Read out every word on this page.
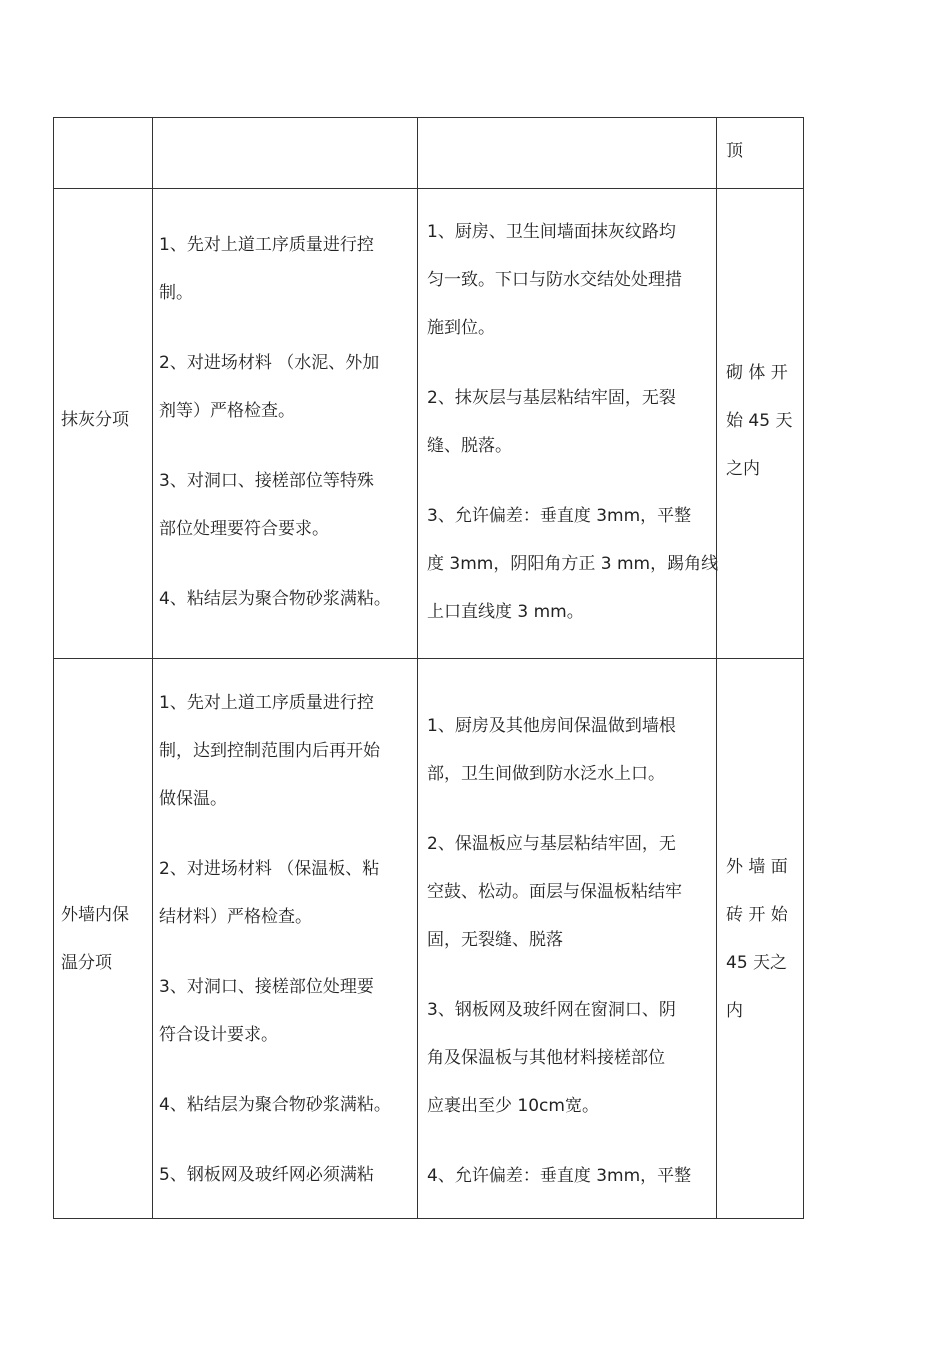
顶
抹灰分项

1、先对上道工序质量进行控
制。

2、对进场材料 （水泥、外加
剂等）严格检查。

3、对洞口、接槎部位等特殊
部位处理要符合要求。

4、粘结层为聚合物砂浆满粘。

1、厨房、卫生间墙面抹灰纹路均
匀一致。下口与防水交结处处理措
施到位。

2、抹灰层与基层粘结牢固，无裂
缝、脱落。

3、允许偏差：垂直度 3mm，平整
度 3mm，阴阳角方正 3 mm，踢角线
上口直线度 3 mm。

砌 体 开
始 45 天
之内
外墙内保
温分项

1、先对上道工序质量进行控
制，达到控制范围内后再开始
做保温。

2、对进场材料 （保温板、粘
结材料）严格检查。

3、对洞口、接槎部位处理要
符合设计要求。

4、粘结层为聚合物砂浆满粘。

5、钢板网及玻纤网必须满粘

1、厨房及其他房间保温做到墙根
部，卫生间做到防水泛水上口。

2、保温板应与基层粘结牢固，无
空鼓、松动。面层与保温板粘结牢
固，无裂缝、脱落

3、钢板网及玻纤网在窗洞口、阴
角及保温板与其他材料接槎部位
应裹出至少 10cm宽。

4、允许偏差：垂直度 3mm，平整

外 墙 面
砖 开 始
45 天之
内
